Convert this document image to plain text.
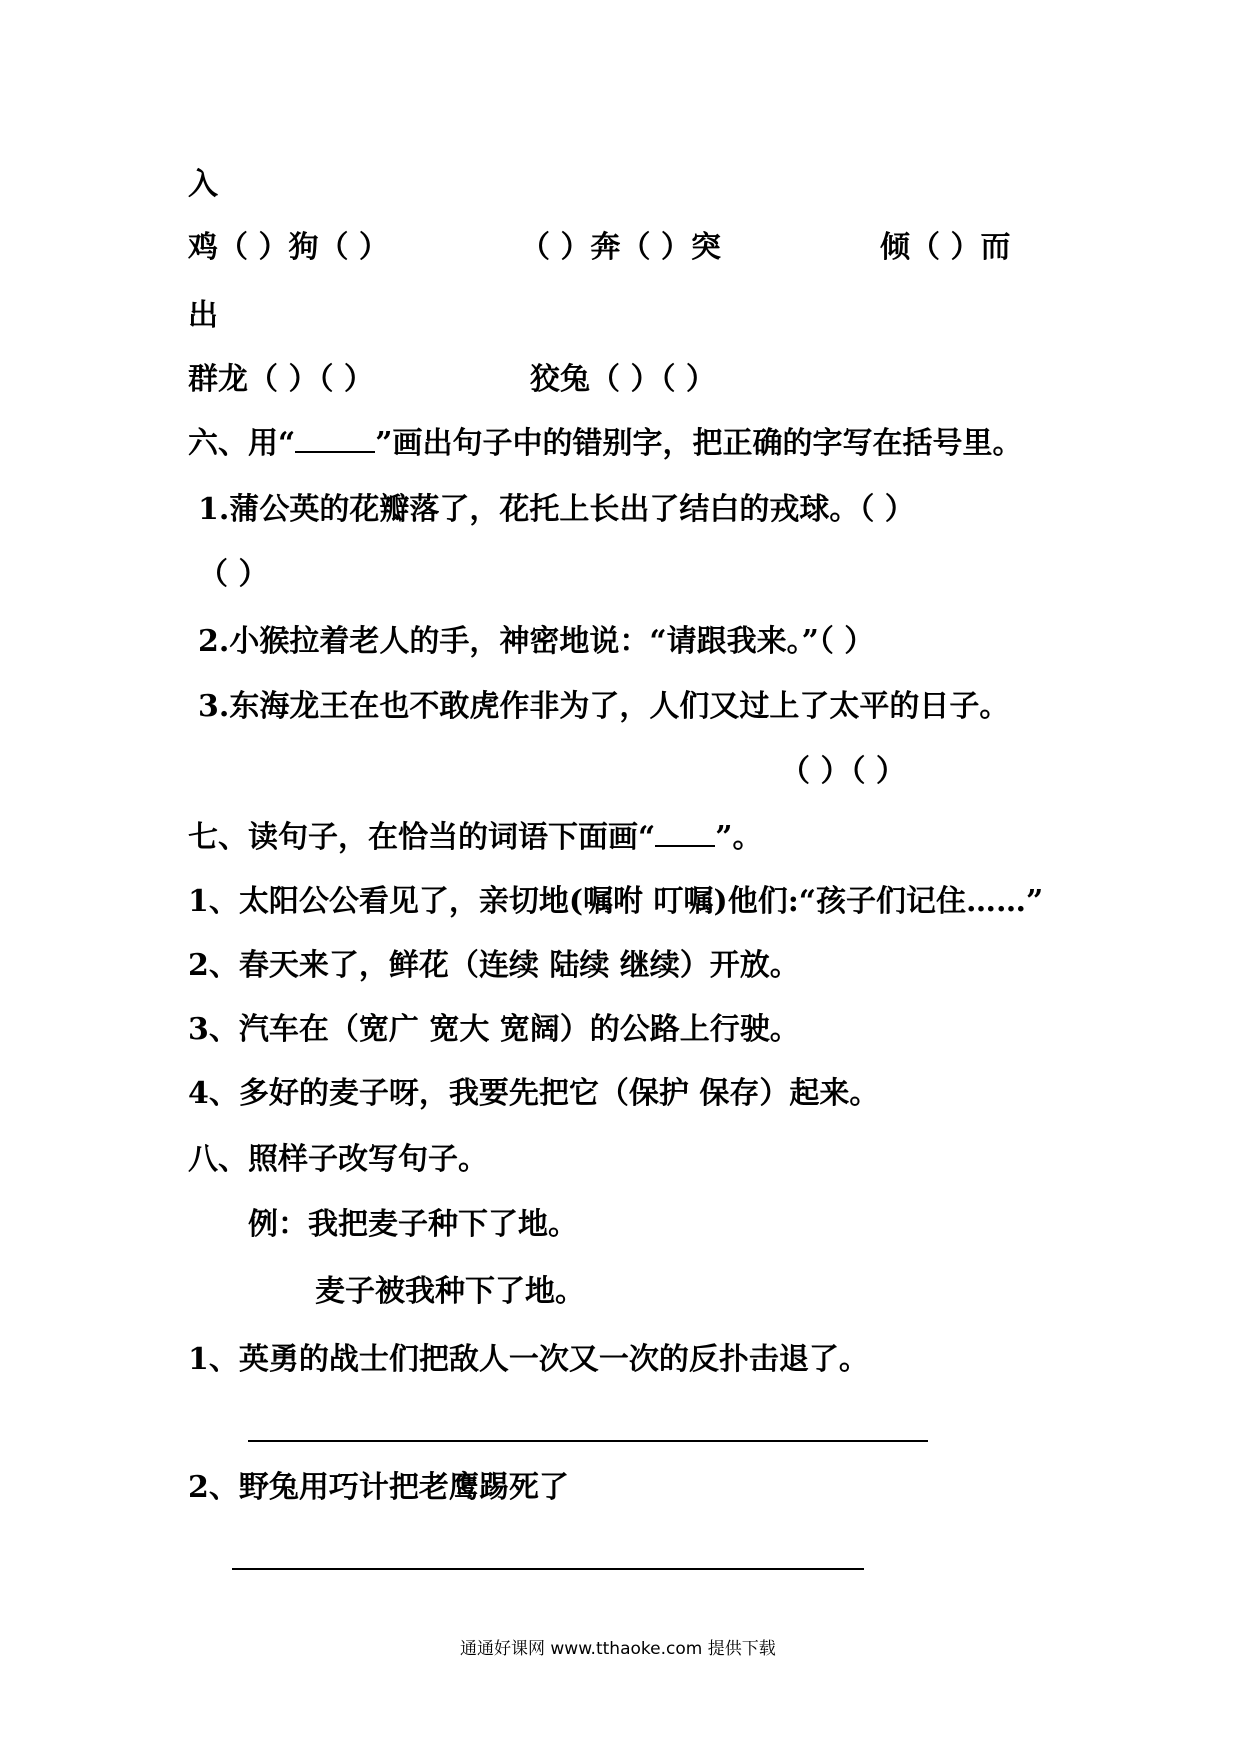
入
鸡（ ）狗（ ）	（ ）奔（ ）突	倾（ ）而
出
群龙（ ）（ ）	狡兔（ ）（ ）
六、用“	”画出句子中的错别字，把正确的字写在括号里。
1.蒲公英的花瓣落了，花托上长出了结白的戎球。（ ）
（ ）
2.小猴拉着老人的手，神密地说：“请跟我来。”（ ）
3.东海龙王在也不敢虎作非为了，人们又过上了太平的日子。
（ ）（ ）
七、读句子，在恰当的词语下面画“ ”。
1、太阳公公看见了，亲切地(嘱咐 叮嘱)他们:“孩子们记住……”
2、春天来了，鲜花（连续 陆续 继续）开放。
3、汽车在（宽广 宽大 宽阔）的公路上行驶。
4、多好的麦子呀，我要先把它（保护 保存）起来。
八、照样子改写句子。
例：我把麦子种下了地。
麦子被我种下了地。
1、英勇的战士们把敌人一次又一次的反扑击退了。
2、野兔用巧计把老鹰踢死了
通通好课网 www.tthaoke.com 提供下载
